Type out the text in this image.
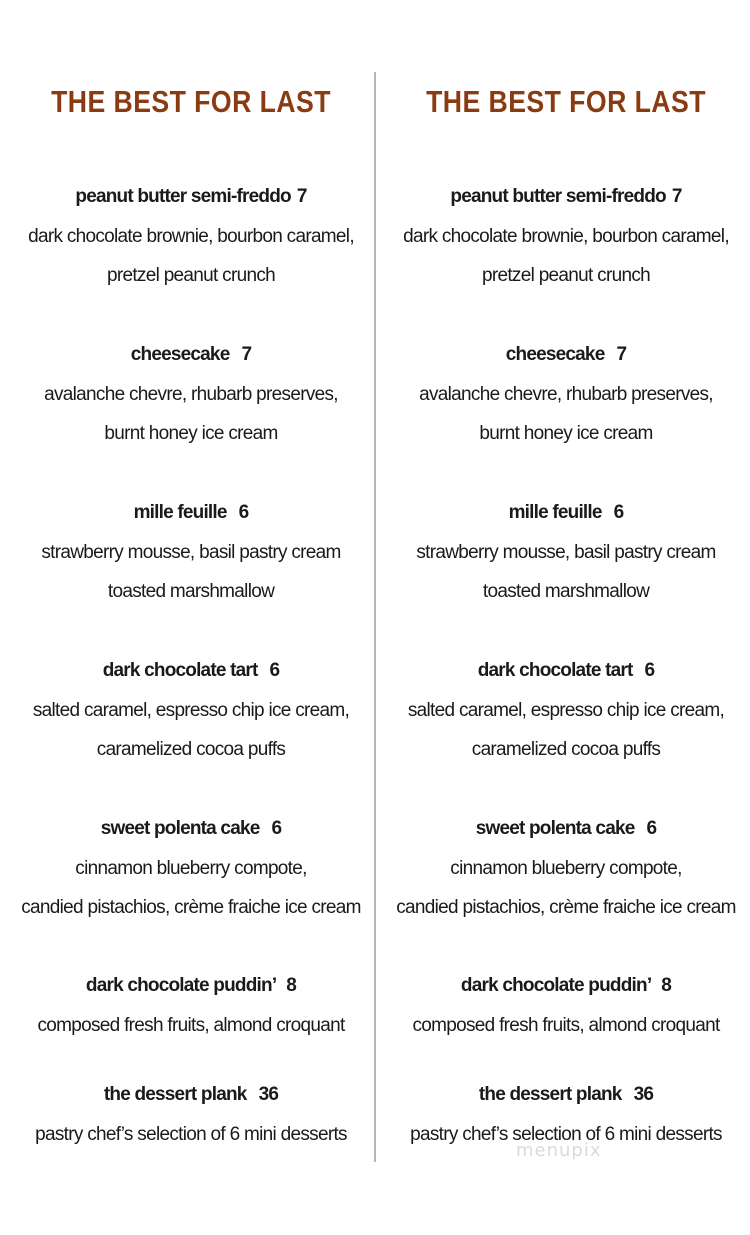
THE BEST FOR LAST
peanut butter semi-freddo 7
dark chocolate brownie, bourbon caramel,
pretzel peanut crunch
cheesecake 7
avalanche chevre, rhubarb preserves,
burnt honey ice cream
mille feuille 6
strawberry mousse, basil pastry cream
toasted marshmallow
dark chocolate tart 6
salted caramel, espresso chip ice cream,
caramelized cocoa puffs
sweet polenta cake 6
cinnamon blueberry compote,
candied pistachios, crème fraiche ice cream
dark chocolate puddin’ 8
composed fresh fruits, almond croquant
the dessert plank 36
pastry chef’s selection of 6 mini desserts
THE BEST FOR LAST
peanut butter semi-freddo 7
dark chocolate brownie, bourbon caramel,
pretzel peanut crunch
cheesecake 7
avalanche chevre, rhubarb preserves,
burnt honey ice cream
mille feuille 6
strawberry mousse, basil pastry cream
toasted marshmallow
dark chocolate tart 6
salted caramel, espresso chip ice cream,
caramelized cocoa puffs
sweet polenta cake 6
cinnamon blueberry compote,
candied pistachios, crème fraiche ice cream
dark chocolate puddin’ 8
composed fresh fruits, almond croquant
the dessert plank 36
pastry chef’s selection of 6 mini desserts
menupix
